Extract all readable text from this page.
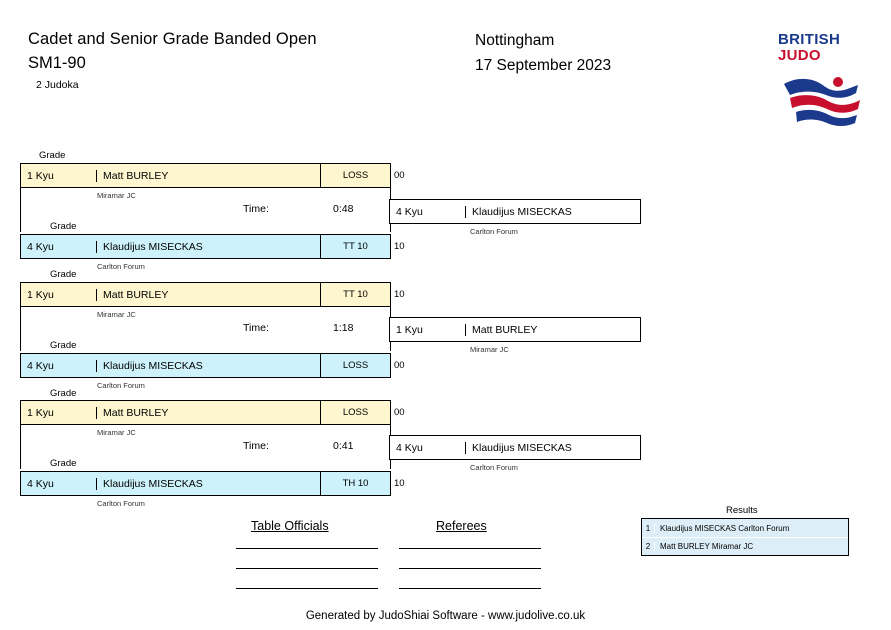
Cadet and Senior Grade Banded Open
SM1-90
2 Judoka
Nottingham
17 September 2023
BRITISH
JUDO
Grade
1 Kyu	Matt BURLEY	LOSS	00
Miramar JC
Time:	0:48
Grade
4 Kyu	Klaudijus MISECKAS	TT 10	10
Carlton Forum
4 Kyu	Klaudijus MISECKAS
Carlton Forum
Grade
1 Kyu	Matt BURLEY	TT 10	10
Miramar JC
Time:	1:18
Grade
4 Kyu	Klaudijus MISECKAS	LOSS	00
Carlton Forum
1 Kyu	Matt BURLEY
Miramar JC
Grade
1 Kyu	Matt BURLEY	LOSS	00
Miramar JC
Time:	0:41
Grade
4 Kyu	Klaudijus MISECKAS	TH 10	10
Carlton Forum
4 Kyu	Klaudijus MISECKAS
Carlton Forum
Table Officials	Referees
Results
1	Klaudijus MISECKAS Carlton Forum
2	Matt BURLEY Miramar JC
Generated by JudoShiai Software - www.judolive.co.uk
